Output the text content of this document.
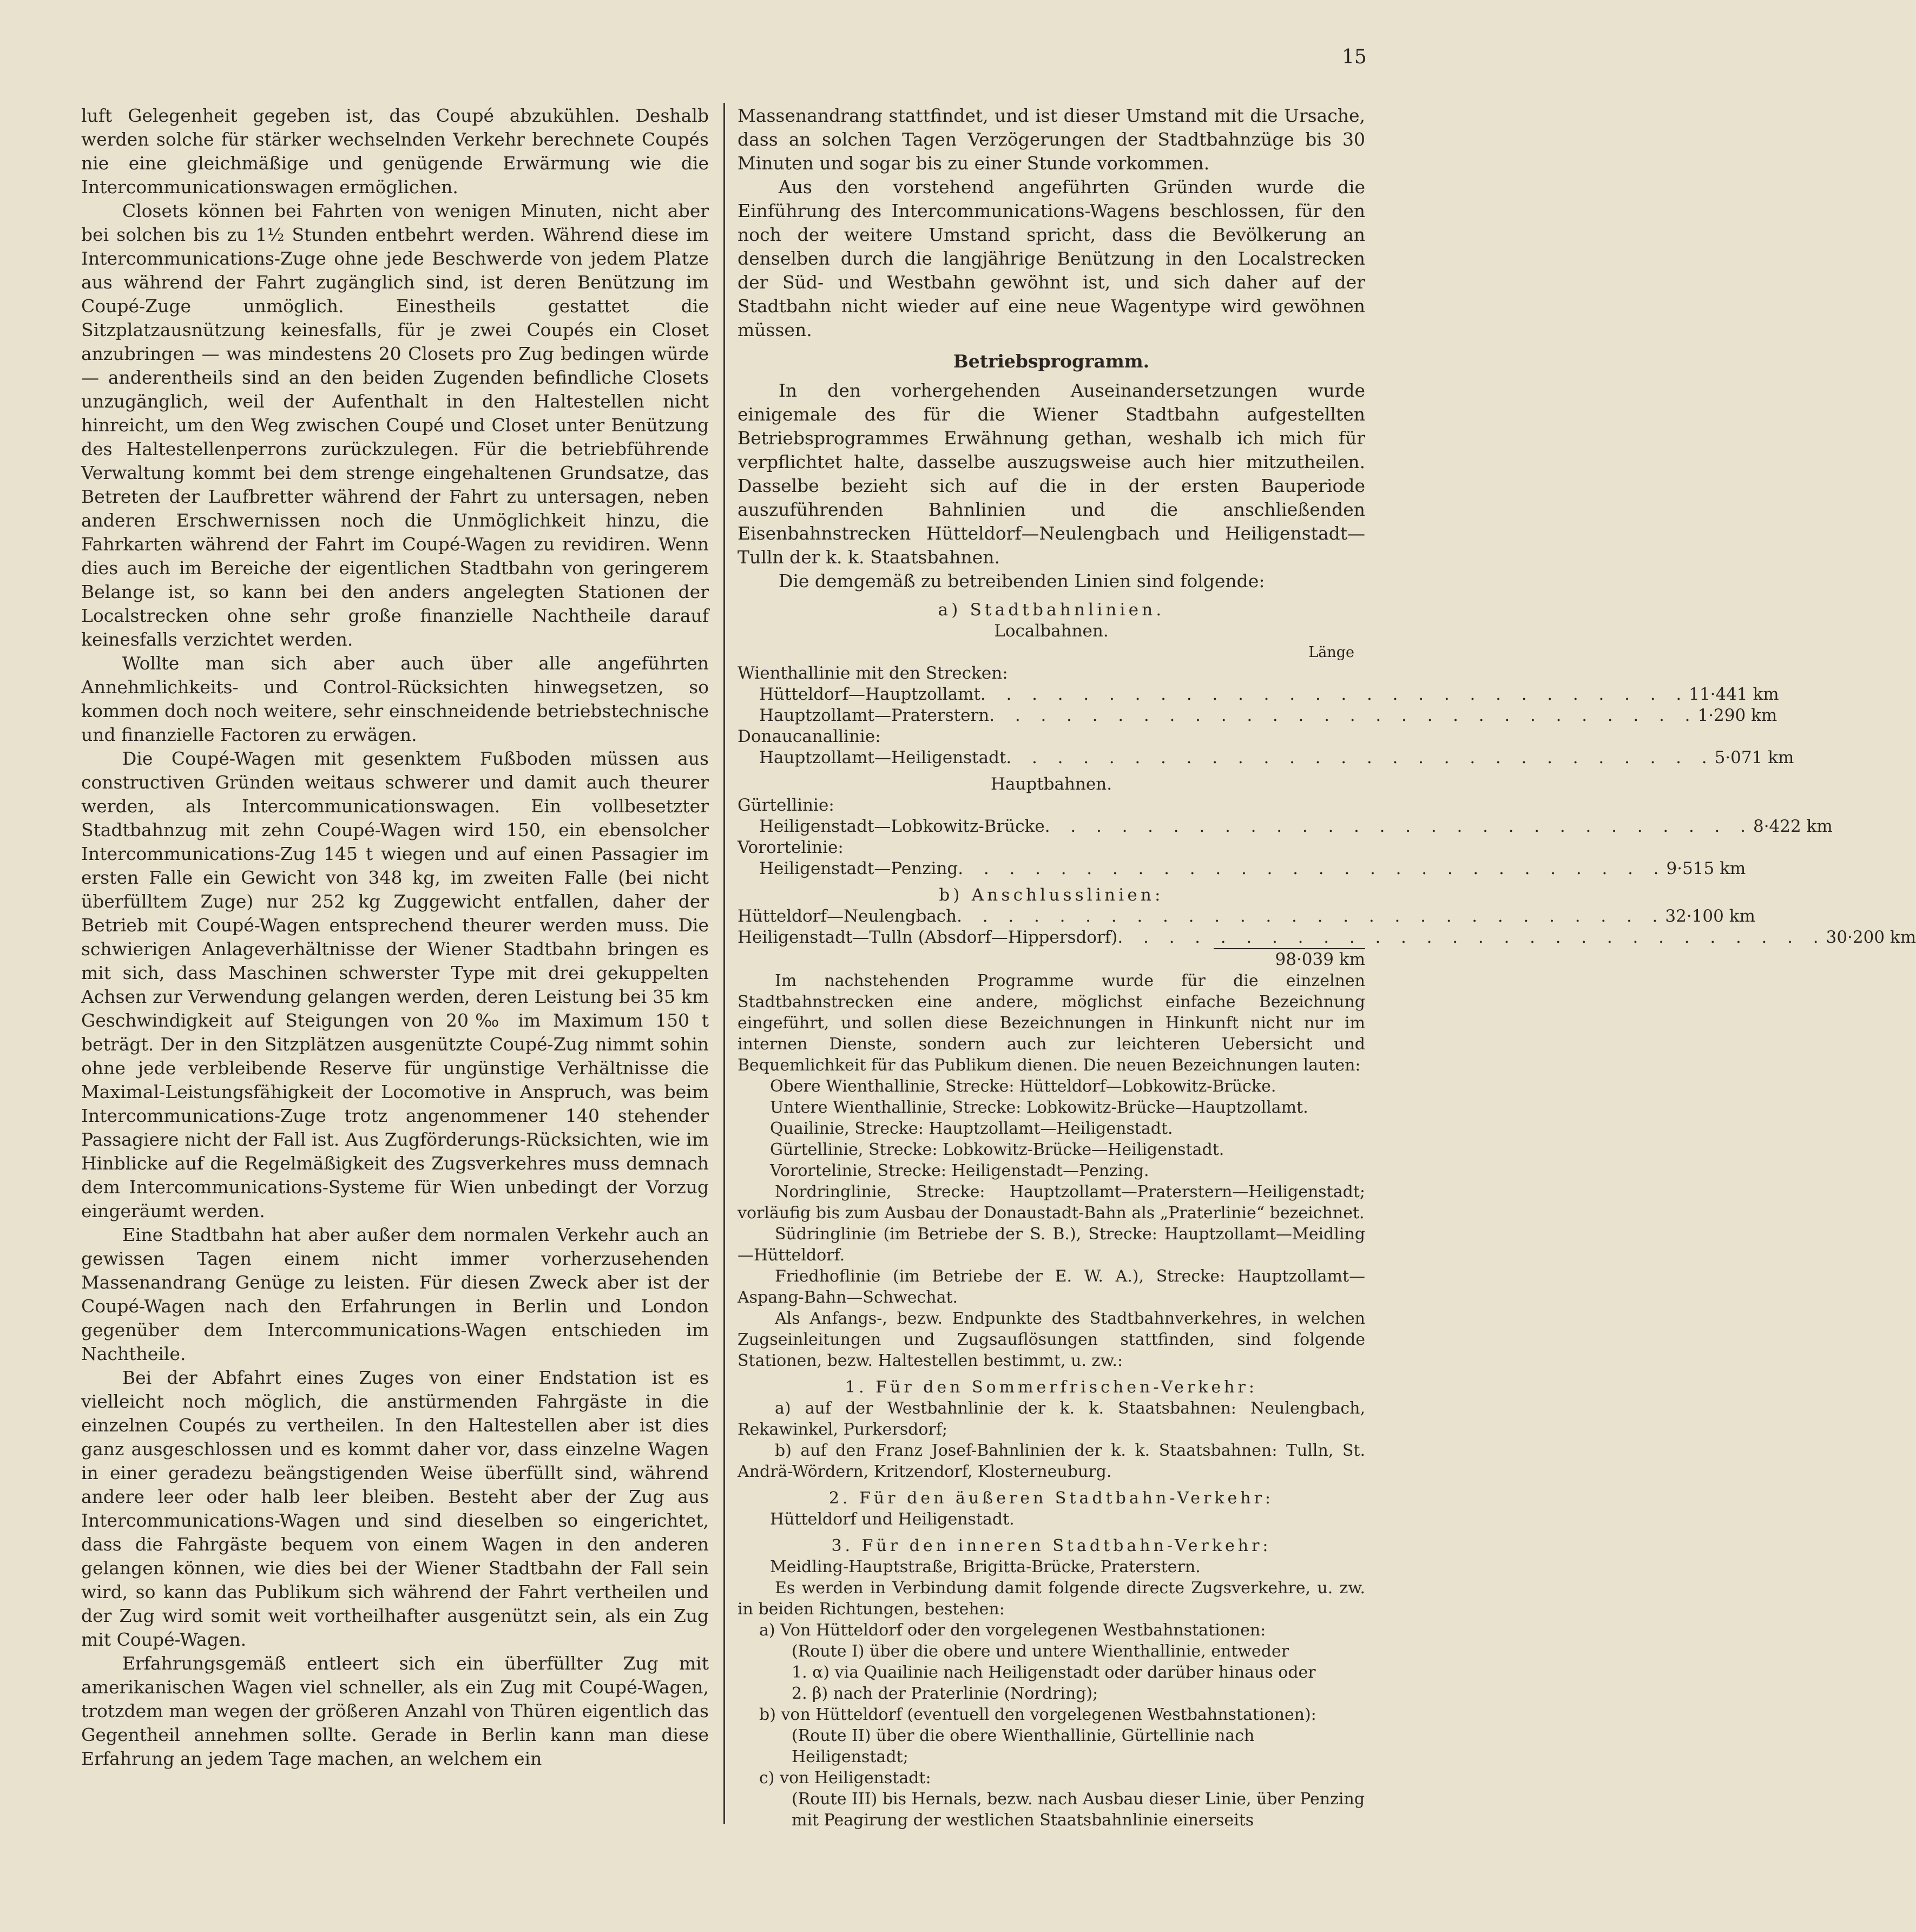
15

luft Gelegenheit gegeben ist, das Coupé abzukühlen. Deshalb werden solche für stärker wechselnden Verkehr berechnete Coupés nie eine gleichmäßige und genügende Erwärmung wie die Intercommunicationswagen ermöglichen.

Closets können bei Fahrten von wenigen Minuten, nicht aber bei solchen bis zu 1½ Stunden entbehrt werden. Während diese im Intercommunications-Zuge ohne jede Beschwerde von jedem Platze aus während der Fahrt zugänglich sind, ist deren Benützung im Coupé-Zuge unmöglich. Einestheils gestattet die Sitzplatzausnützung keinesfalls, für je zwei Coupés ein Closet anzubringen — was mindestens 20 Closets pro Zug bedingen würde — anderentheils sind an den beiden Zugenden befindliche Closets unzugänglich, weil der Aufenthalt in den Haltestellen nicht hinreicht, um den Weg zwischen Coupé und Closet unter Benützung des Haltestellenperrons zurückzulegen. Für die betriebführende Verwaltung kommt bei dem strenge eingehaltenen Grundsatze, das Betreten der Laufbretter während der Fahrt zu untersagen, neben anderen Erschwernissen noch die Unmöglichkeit hinzu, die Fahrkarten während der Fahrt im Coupé-Wagen zu revidiren. Wenn dies auch im Bereiche der eigentlichen Stadtbahn von geringerem Belange ist, so kann bei den anders angelegten Stationen der Localstrecken ohne sehr große finanzielle Nachtheile darauf keinesfalls verzichtet werden.

Wollte man sich aber auch über alle angeführten Annehmlichkeits- und Control-Rücksichten hinwegsetzen, so kommen doch noch weitere, sehr einschneidende betriebstechnische und finanzielle Factoren zu erwägen.

Die Coupé-Wagen mit gesenktem Fußboden müssen aus constructiven Gründen weitaus schwerer und damit auch theurer werden, als Intercommunicationswagen. Ein vollbesetzter Stadtbahnzug mit zehn Coupé-Wagen wird 150, ein ebensolcher Intercommunications-Zug 145 t wiegen und auf einen Passagier im ersten Falle ein Gewicht von 348 kg, im zweiten Falle (bei nicht überfülltem Zuge) nur 252 kg Zuggewicht entfallen, daher der Betrieb mit Coupé-Wagen entsprechend theurer werden muss. Die schwierigen Anlageverhältnisse der Wiener Stadtbahn bringen es mit sich, dass Maschinen schwerster Type mit drei gekuppelten Achsen zur Verwendung gelangen werden, deren Leistung bei 35 km Geschwindigkeit auf Steigungen von 20‰ im Maximum 150 t beträgt. Der in den Sitzplätzen ausgenützte Coupé-Zug nimmt sohin ohne jede verbleibende Reserve für ungünstige Verhältnisse die Maximal-Leistungsfähigkeit der Locomotive in Anspruch, was beim Intercommunications-Zuge trotz angenommener 140 stehender Passagiere nicht der Fall ist. Aus Zugförderungs-Rücksichten, wie im Hinblicke auf die Regelmäßigkeit des Zugsverkehres muss demnach dem Intercommunications-Systeme für Wien unbedingt der Vorzug eingeräumt werden.

Eine Stadtbahn hat aber außer dem normalen Verkehr auch an gewissen Tagen einem nicht immer vorherzusehenden Massenandrang Genüge zu leisten. Für diesen Zweck aber ist der Coupé-Wagen nach den Erfahrungen in Berlin und London gegenüber dem Intercommunications-Wagen entschieden im Nachtheile.

Bei der Abfahrt eines Zuges von einer Endstation ist es vielleicht noch möglich, die anstürmenden Fahrgäste in die einzelnen Coupés zu vertheilen. In den Haltestellen aber ist dies ganz ausgeschlossen und es kommt daher vor, dass einzelne Wagen in einer geradezu beängstigenden Weise überfüllt sind, während andere leer oder halb leer bleiben. Besteht aber der Zug aus Intercommunications-Wagen und sind dieselben so eingerichtet, dass die Fahrgäste bequem von einem Wagen in den anderen gelangen können, wie dies bei der Wiener Stadtbahn der Fall sein wird, so kann das Publikum sich während der Fahrt vertheilen und der Zug wird somit weit vortheilhafter ausgenützt sein, als ein Zug mit Coupé-Wagen.

Erfahrungsgemäß entleert sich ein überfüllter Zug mit amerikanischen Wagen viel schneller, als ein Zug mit Coupé-Wagen, trotzdem man wegen der größeren Anzahl von Thüren eigentlich das Gegentheil annehmen sollte. Gerade in Berlin kann man diese Erfahrung an jedem Tage machen, an welchem ein

Massenandrang stattfindet, und ist dieser Umstand mit die Ursache, dass an solchen Tagen Verzögerungen der Stadtbahnzüge bis 30 Minuten und sogar bis zu einer Stunde vorkommen.

Aus den vorstehend angeführten Gründen wurde die Einführung des Intercommunications-Wagens beschlossen, für den noch der weitere Umstand spricht, dass die Bevölkerung an denselben durch die langjährige Benützung in den Localstrecken der Süd- und Westbahn gewöhnt ist, und sich daher auf der Stadtbahn nicht wieder auf eine neue Wagentype wird gewöhnen müssen.

Betriebsprogramm.

In den vorhergehenden Auseinandersetzungen wurde einigemale des für die Wiener Stadtbahn aufgestellten Betriebsprogrammes Erwähnung gethan, weshalb ich mich für verpflichtet halte, dasselbe auszugsweise auch hier mitzutheilen. Dasselbe bezieht sich auf die in der ersten Bauperiode auszuführenden Bahnlinien und die anschließenden Eisenbahnstrecken Hütteldorf—Neulengbach und Heiligenstadt—Tulln der k. k. Staatsbahnen.

Die demgemäß zu betreibenden Linien sind folgende:

a) Stadtbahnlinien.
Localbahnen.
Länge
Wienthallinie mit den Strecken:
Hütteldorf—Hauptzollamt . . . . . . . . . . . . . . . . . . . . . . . . . . . . 11·441 km
Hauptzollamt—Praterstern . . . . . . . . . . . . . . . . . . . . . . . . . . . . 1·290 km
Donaucanallinie:
Hauptzollamt—Heiligenstadt . . . . . . . . . . . . . . . . . . . . . . . . . . . . 5·071 km
Hauptbahnen.
Gürtellinie:
Heiligenstadt—Lobkowitz-Brücke . . . . . . . . . . . . . . . . . . . . . . . . . . . . 8·422 km
Vorortelinie:
Heiligenstadt—Penzing . . . . . . . . . . . . . . . . . . . . . . . . . . . . 9·515 km
b) Anschlusslinien:
Hütteldorf—Neulengbach . . . . . . . . . . . . . . . . . . . . . . . . . . . . 32·100 km
Heiligenstadt—Tulln (Absdorf—Hippersdorf) . . . . . . . . . . . . . . . . . . . . . . . . . . . . 30·200 km
98·039 km

Im nachstehenden Programme wurde für die einzelnen Stadtbahnstrecken eine andere, möglichst einfache Bezeichnung eingeführt, und sollen diese Bezeichnungen in Hinkunft nicht nur im internen Dienste, sondern auch zur leichteren Uebersicht und Bequemlichkeit für das Publikum dienen. Die neuen Bezeichnungen lauten:

Obere Wienthallinie, Strecke: Hütteldorf—Lobkowitz-Brücke.
Untere Wienthallinie, Strecke: Lobkowitz-Brücke—Hauptzollamt.
Quailinie, Strecke: Hauptzollamt—Heiligenstadt.
Gürtellinie, Strecke: Lobkowitz-Brücke—Heiligenstadt.
Vorortelinie, Strecke: Heiligenstadt—Penzing.

Nordringlinie, Strecke: Hauptzollamt—Praterstern—Heiligenstadt; vorläufig bis zum Ausbau der Donaustadt-Bahn als „Praterlinie“ bezeichnet.

Südringlinie (im Betriebe der S. B.), Strecke: Hauptzollamt—Meidling—Hütteldorf.

Friedhoflinie (im Betriebe der E. W. A.), Strecke: Hauptzollamt—Aspang-Bahn—Schwechat.

Als Anfangs-, bezw. Endpunkte des Stadtbahnverkehres, in welchen Zugseinleitungen und Zugsauflösungen stattfinden, sind folgende Stationen, bezw. Haltestellen bestimmt, u. zw.:

1. Für den Sommerfrischen-Verkehr:

a) auf der Westbahnlinie der k. k. Staatsbahnen: Neulengbach, Rekawinkel, Purkersdorf;

b) auf den Franz Josef-Bahnlinien der k. k. Staatsbahnen: Tulln, St. Andrä-Wördern, Kritzendorf, Klosterneuburg.

2. Für den äußeren Stadtbahn-Verkehr:
Hütteldorf und Heiligenstadt.
3. Für den inneren Stadtbahn-Verkehr:
Meidling-Hauptstraße, Brigitta-Brücke, Praterstern.

Es werden in Verbindung damit folgende directe Zugsverkehre, u. zw. in beiden Richtungen, bestehen:

a) Von Hütteldorf oder den vorgelegenen Westbahnstationen:
(Route I) über die obere und untere Wienthallinie, entweder
1. α) via Quailinie nach Heiligenstadt oder darüber hinaus oder
2. β) nach der Praterlinie (Nordring);
b) von Hütteldorf (eventuell den vorgelegenen Westbahnstationen):
(Route II) über die obere Wienthallinie, Gürtellinie nach Heiligenstadt;
c) von Heiligenstadt:
(Route III) bis Hernals, bezw. nach Ausbau dieser Linie, über Penzing mit Peagirung der westlichen Staatsbahnlinie einerseits
